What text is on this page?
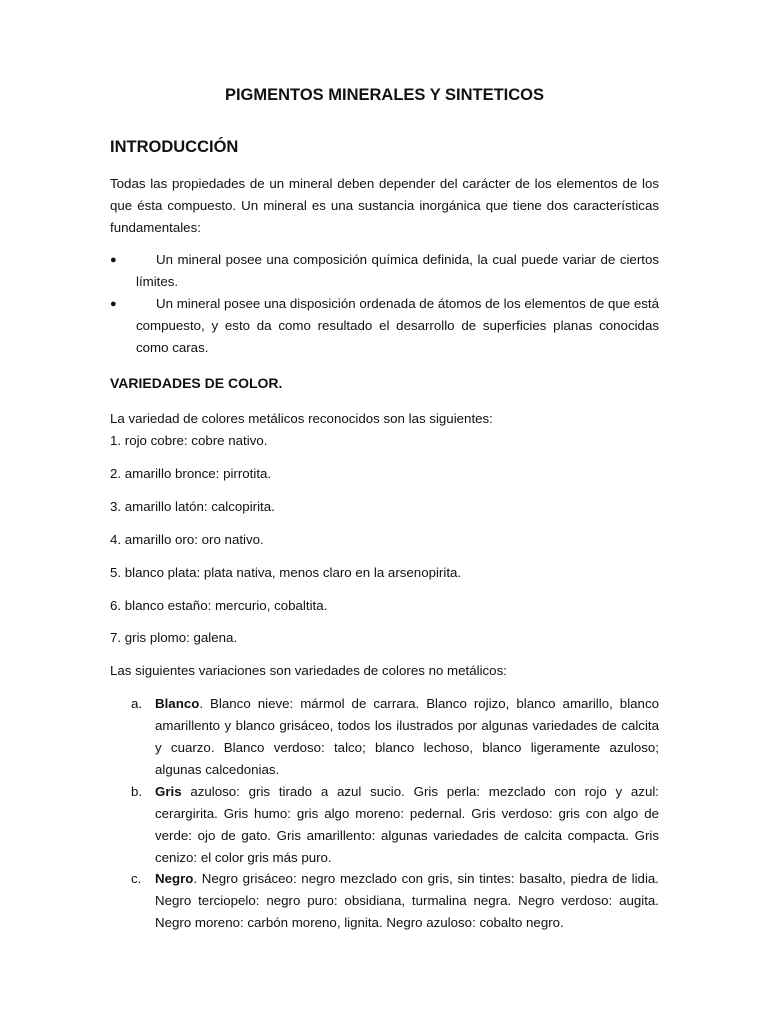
PIGMENTOS MINERALES Y SINTETICOS
INTRODUCCIÓN

Todas las propiedades de un mineral deben depender del carácter de los elementos de los que ésta compuesto. Un mineral es una sustancia inorgánica que tiene dos características fundamentales:

●	Un mineral posee una composición química definida, la cual puede variar de ciertos límites.
●	Un mineral posee una disposición ordenada de átomos de los elementos de que está compuesto, y esto da como resultado el desarrollo de superficies planas conocidas como caras.
VARIEDADES DE COLOR.

La variedad de colores metálicos reconocidos son las siguientes:

1. rojo cobre: cobre nativo.

2. amarillo bronce: pirrotita.

3. amarillo latón: calcopirita.

4. amarillo oro: oro nativo.

5. blanco plata: plata nativa, menos claro en la arsenopirita.

6. blanco estaño: mercurio, cobaltita.

7. gris plomo: galena.

Las siguientes variaciones son variedades de colores no metálicos:

a. Blanco. Blanco nieve: mármol de carrara. Blanco rojizo, blanco amarillo, blanco amarillento y blanco grisáceo, todos los ilustrados por algunas variedades de calcita y cuarzo. Blanco verdoso: talco; blanco lechoso, blanco ligeramente azuloso; algunas calcedonias.
b. Gris azuloso: gris tirado a azul sucio. Gris perla: mezclado con rojo y azul: cerargirita. Gris humo: gris algo moreno: pedernal. Gris verdoso: gris con algo de verde: ojo de gato. Gris amarillento: algunas variedades de calcita compacta. Gris cenizo: el color gris más puro.
c. Negro. Negro grisáceo: negro mezclado con gris, sin tintes: basalto, piedra de lidia. Negro terciopelo: negro puro: obsidiana, turmalina negra. Negro verdoso: augita. Negro moreno: carbón moreno, lignita. Negro azuloso: cobalto negro.
